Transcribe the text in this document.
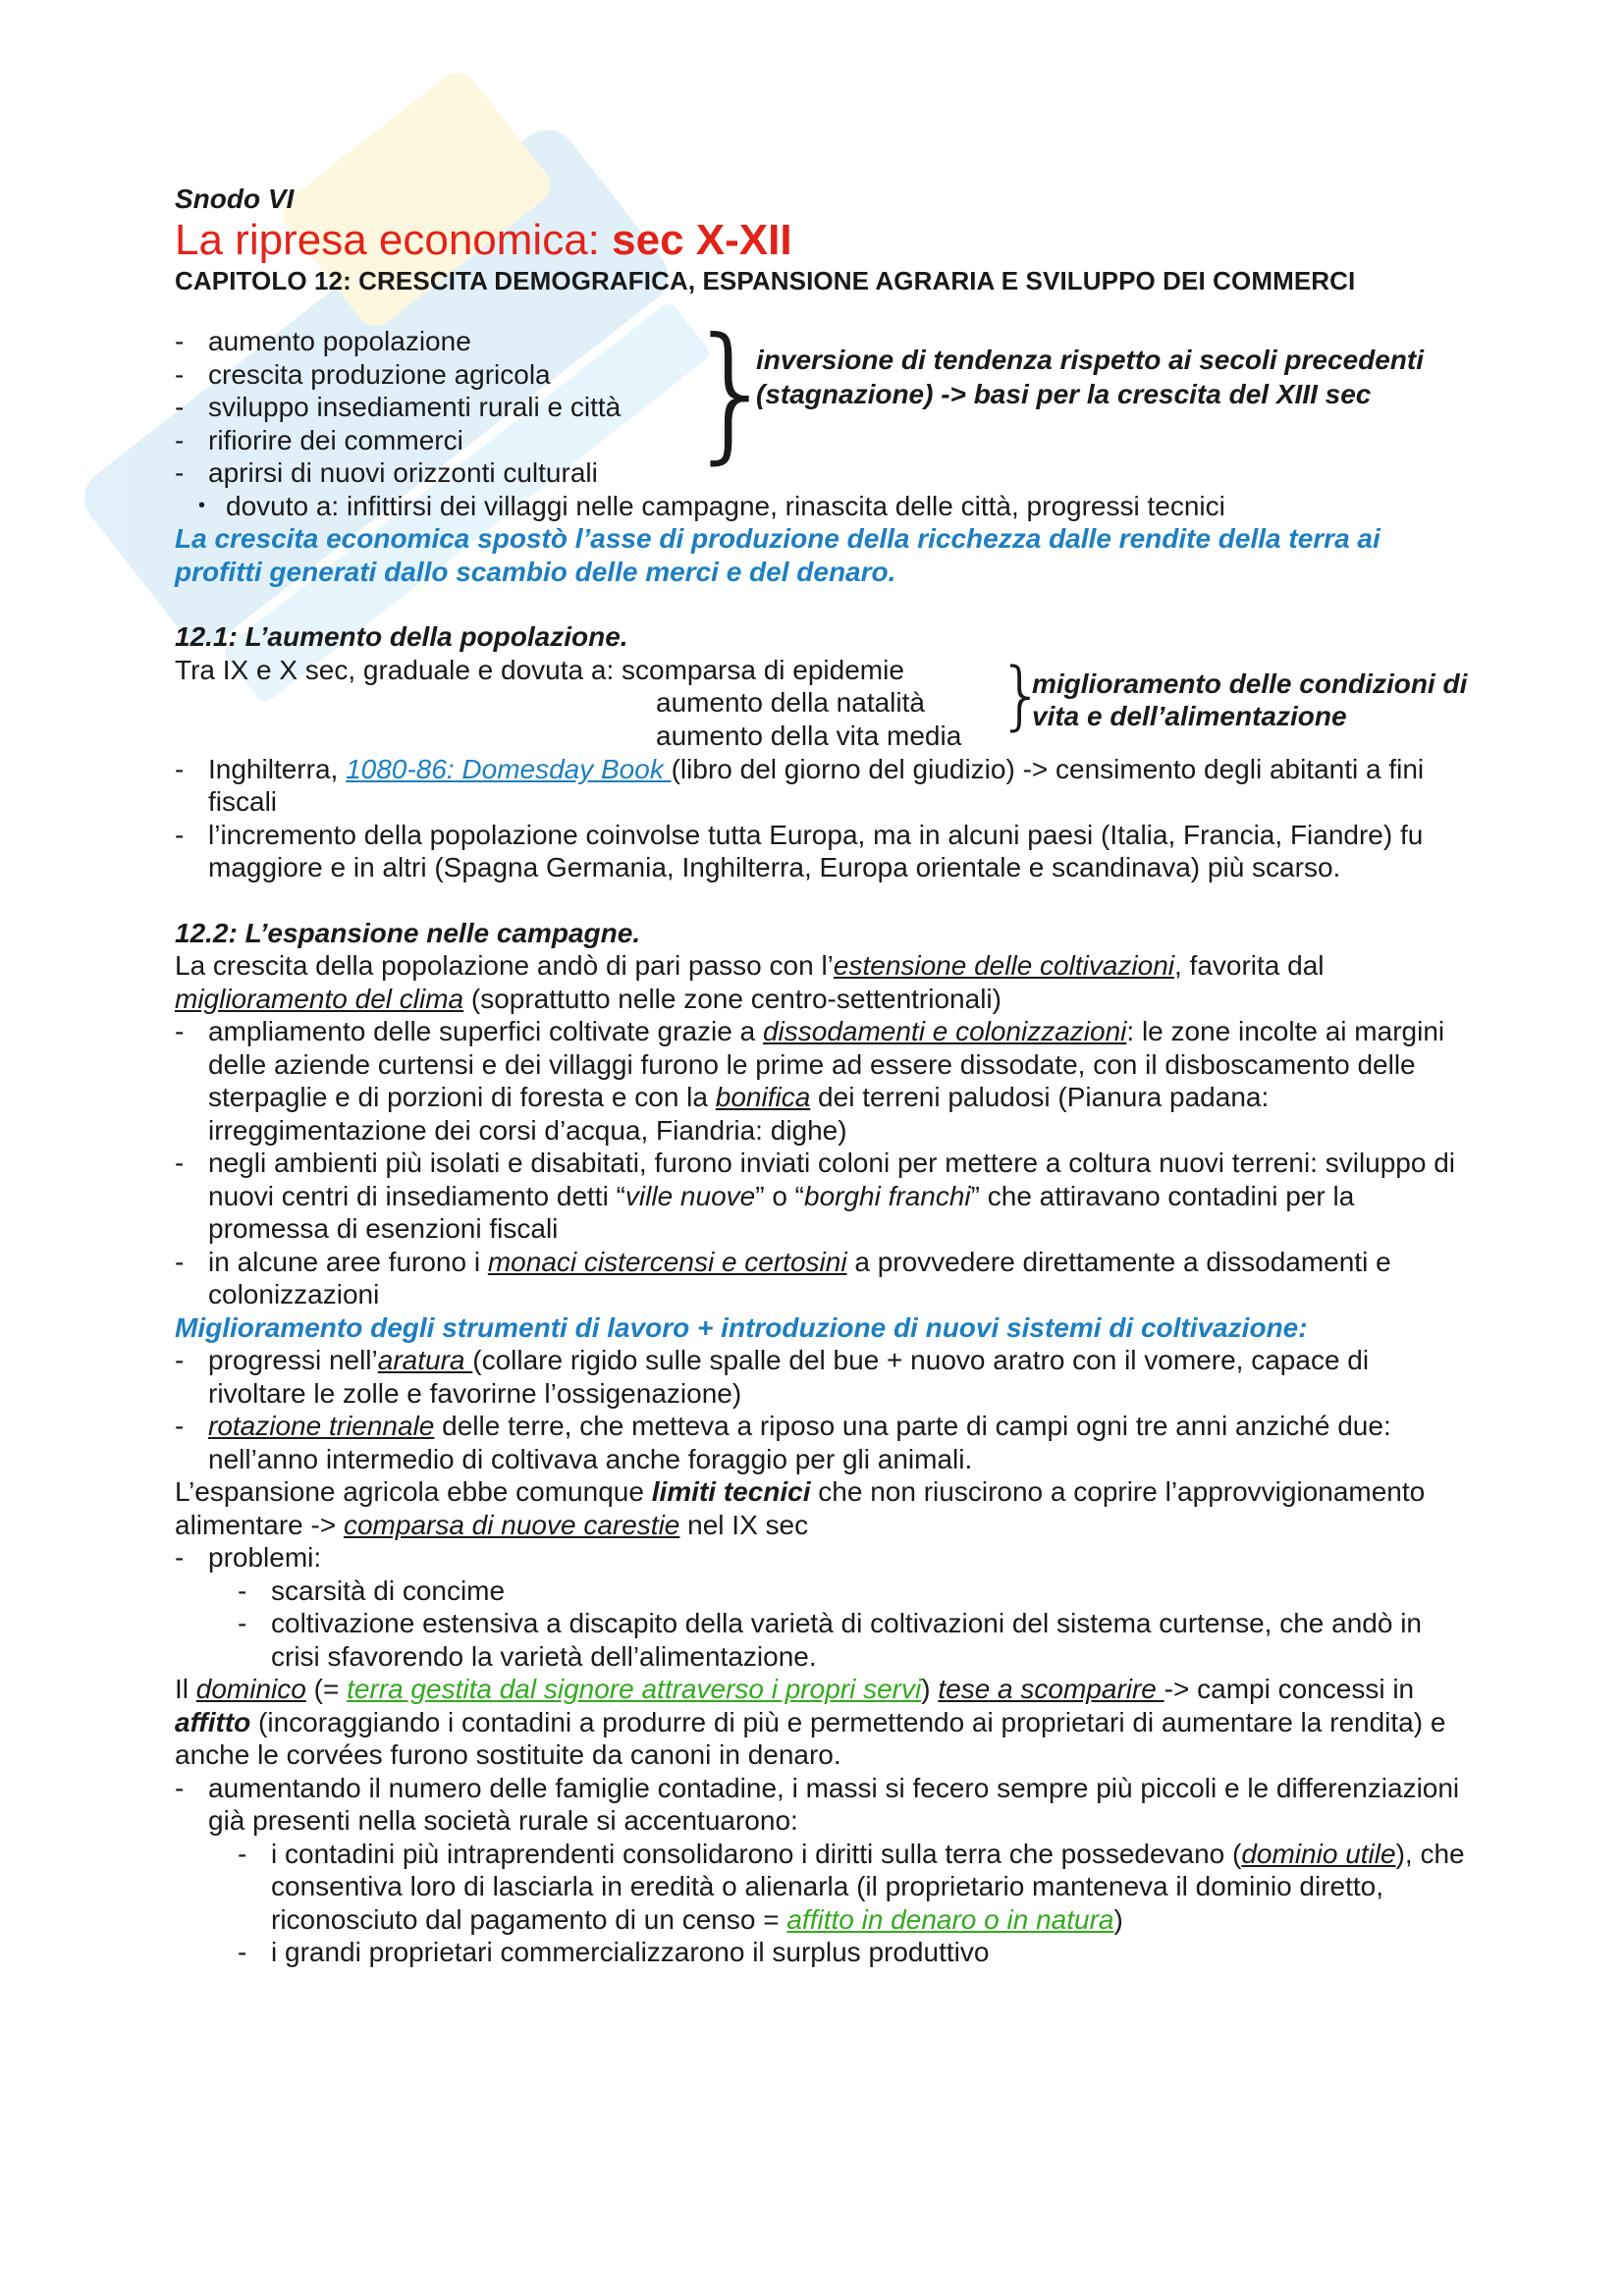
Snodo VI

La ripresa economica: sec X-XII

CAPITOLO 12: CRESCITA DEMOGRAFICA, ESPANSIONE AGRARIA E SVILUPPO DEI COMMERCI

- aumento popolazione
- crescita produzione agricola
- sviluppo insediamenti rurali e città
- rifiorire dei commerci
- aprirsi di nuovi orizzonti culturali }
inversione di tendenza rispetto ai secoli precedenti (stagnazione) -> basi per la crescita del XIII sec
• dovuto a: infittirsi dei villaggi nelle campagne, rinascita delle città, progressi tecnici
La crescita economica spostò l’asse di produzione della ricchezza dalle rendite della terra ai profitti generati dallo scambio delle merci e del denaro.
12.1: L’aumento della popolazione.
Tra IX e X sec, graduale e dovuta a: scomparsa di epidemie
aumento della natalità
aumento della vita media }
miglioramento delle condizioni di vita e dell’alimentazione
- Inghilterra, 1080-86: Domesday Book (libro del giorno del giudizio) -> censimento degli abitanti a fini fiscali
- l’incremento della popolazione coinvolse tutta Europa, ma in alcuni paesi (Italia, Francia, Fiandre) fu maggiore e in altri (Spagna Germania, Inghilterra, Europa orientale e scandinava) più scarso.
12.2: L’espansione nelle campagne.
La crescita della popolazione andò di pari passo con l’estensione delle coltivazioni, favorita dal miglioramento del clima (soprattutto nelle zone centro-settentrionali)
- ampliamento delle superfici coltivate grazie a dissodamenti e colonizzazioni: le zone incolte ai margini delle aziende curtensi e dei villaggi furono le prime ad essere dissodate, con il disboscamento delle sterpaglie e di porzioni di foresta e con la bonifica dei terreni paludosi (Pianura padana: irreggimentazione dei corsi d’acqua, Fiandria: dighe)
- negli ambienti più isolati e disabitati, furono inviati coloni per mettere a coltura nuovi terreni: sviluppo di nuovi centri di insediamento detti “ville nuove” o “borghi franchi” che attiravano contadini per la promessa di esenzioni fiscali
- in alcune aree furono i monaci cistercensi e certosini a provvedere direttamente a dissodamenti e colonizzazioni
Miglioramento degli strumenti di lavoro + introduzione di nuovi sistemi di coltivazione:
- progressi nell’aratura (collare rigido sulle spalle del bue + nuovo aratro con il vomere, capace di rivoltare le zolle e favorirne l’ossigenazione)
- rotazione triennale delle terre, che metteva a riposo una parte di campi ogni tre anni anziché due: nell’anno intermedio di coltivava anche foraggio per gli animali.
L’espansione agricola ebbe comunque limiti tecnici che non riuscirono a coprire l’approvvigionamento alimentare -> comparsa di nuove carestie nel IX sec
- problemi:
- scarsità di concime
- coltivazione estensiva a discapito della varietà di coltivazioni del sistema curtense, che andò in crisi sfavorendo la varietà dell’alimentazione.
Il dominico (= terra gestita dal signore attraverso i propri servi) tese a scomparire -> campi concessi in affitto (incoraggiando i contadini a produrre di più e permettendo ai proprietari di aumentare la rendita) e anche le corvées furono sostituite da canoni in denaro.
- aumentando il numero delle famiglie contadine, i massi si fecero sempre più piccoli e le differenziazioni già presenti nella società rurale si accentuarono:
- i contadini più intraprendenti consolidarono i diritti sulla terra che possedevano (dominio utile), che consentiva loro di lasciarla in eredità o alienarla (il proprietario manteneva il dominio diretto, riconosciuto dal pagamento di un censo = affitto in denaro o in natura)
- i grandi proprietari commercializzarono il surplus produttivo
